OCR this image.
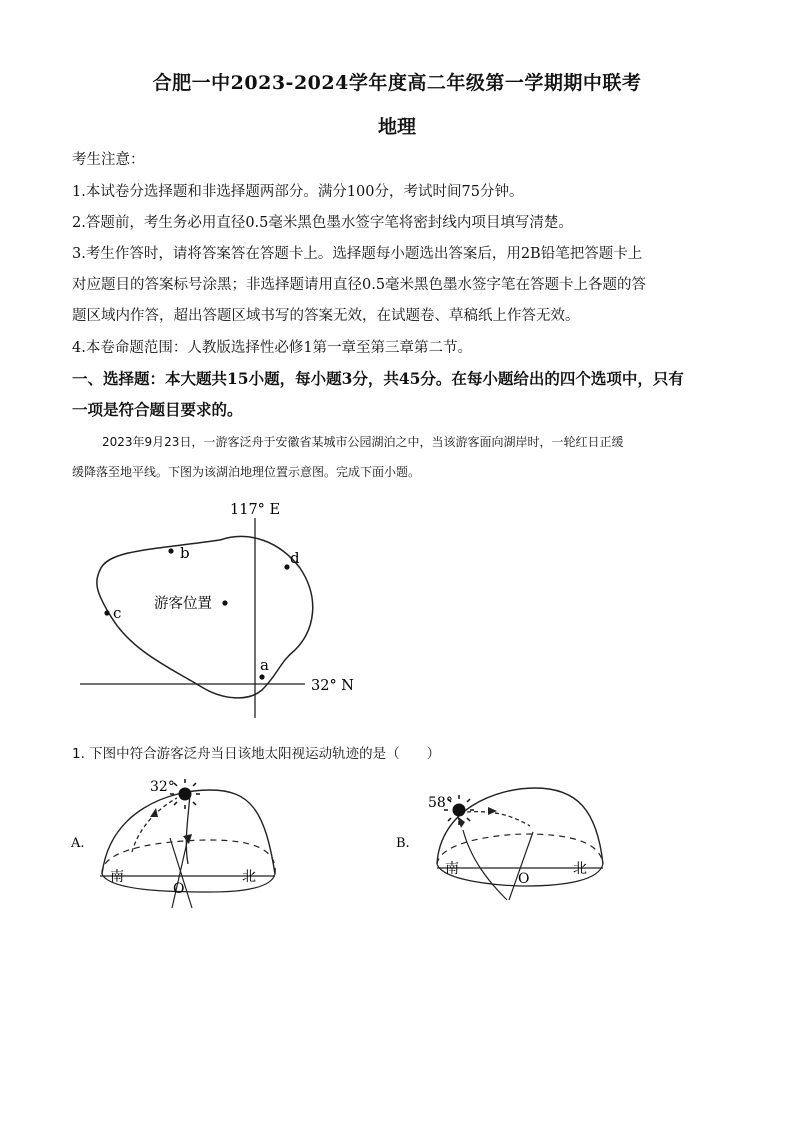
合肥一中2023-2024学年度高二年级第一学期期中联考
地理
考生注意：
1.本试卷分选择题和非选择题两部分。满分100分，考试时间75分钟。
2.答题前，考生务必用直径0.5毫米黑色墨水签字笔将密封线内项目填写清楚。
3.考生作答时，请将答案答在答题卡上。选择题每小题选出答案后，用2B铅笔把答题卡上
对应题目的答案标号涂黑；非选择题请用直径0.5毫米黑色墨水签字笔在答题卡上各题的答
题区域内作答，超出答题区域书写的答案无效，在试题卷、草稿纸上作答无效。
4.本卷命题范围：人教版选择性必修1第一章至第三章第二节。
一、选择题：本大题共15小题，每小题3分，共45分。在每小题给出的四个选项中，只有
一项是符合题目要求的。
2023年9月23日，一游客泛舟于安徽省某城市公园湖泊之中，当该游客面向湖岸时，一轮红日正缓
缓降落至地平线。下图为该湖泊地理位置示意图。完成下面小题。
b	d
c
a
游客位置
117° E
32° N
1. 下图中符合游客泛舟当日该地太阳视运动轨迹的是（　　）
A.
32°
南	北
O
B.
58°
南	北
O
